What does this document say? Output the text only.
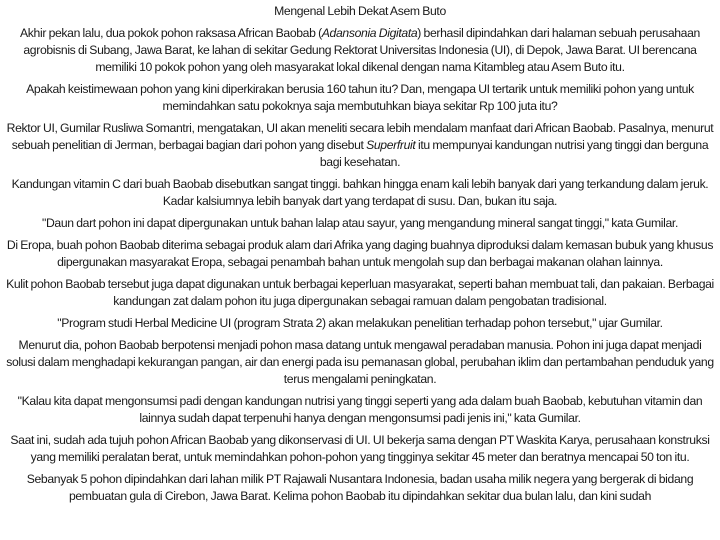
Mengenal Lebih Dekat Asem Buto

Akhir pekan lalu, dua pokok pohon raksasa African Baobab (Adansonia Digitata) berhasil dipindahkan dari halaman sebuah perusahaan agrobisnis di Subang, Jawa Barat, ke lahan di sekitar Gedung Rektorat Universitas Indonesia (UI), di Depok, Jawa Barat. UI berencana memiliki 10 pokok pohon yang oleh masyarakat lokal dikenal dengan nama Kitambleg atau Asem Buto itu.

Apakah keistimewaan pohon yang kini diperkirakan berusia 160 tahun itu? Dan, mengapa UI tertarik untuk memiliki pohon yang untuk memindahkan satu pokoknya saja membutuhkan biaya sekitar Rp 100 juta itu?

Rektor UI, Gumilar Rusliwa Somantri, mengatakan, UI akan meneliti secara lebih mendalam manfaat dari African Baobab. Pasalnya, menurut sebuah penelitian di Jerman, berbagai bagian dari pohon yang disebut Superfruit itu mempunyai kandungan nutrisi yang tinggi dan berguna bagi kesehatan.

Kandungan vitamin C dari buah Baobab disebutkan sangat tinggi. bahkan hingga enam kali lebih banyak dari yang terkandung dalam jeruk. Kadar kalsiumnya lebih banyak dart yang terdapat di susu. Dan, bukan itu saja.

"Daun dart pohon ini dapat dipergunakan untuk bahan lalap atau sayur, yang mengandung mineral sangat tinggi," kata Gumilar.

Di Eropa, buah pohon Baobab diterima sebagai produk alam dari Afrika yang daging buahnya diproduksi dalam kemasan bubuk yang khusus dipergunakan masyarakat Eropa, sebagai penambah bahan untuk mengolah sup dan berbagai makanan olahan lainnya.

Kulit pohon Baobab tersebut juga dapat digunakan untuk berbagai keperluan masyarakat, seperti bahan membuat tali, dan pakaian. Berbagai kandungan zat dalam pohon itu juga dipergunakan sebagai ramuan dalam pengobatan tradisional.

"Program studi Herbal Medicine UI (program Strata 2) akan melakukan penelitian terhadap pohon tersebut," ujar Gumilar.

Menurut dia, pohon Baobab berpotensi menjadi pohon masa datang untuk mengawal peradaban manusia. Pohon ini juga dapat menjadi solusi dalam menghadapi kekurangan pangan, air dan energi pada isu pemanasan global, perubahan iklim dan pertambahan penduduk yang terus mengalami peningkatan.

"Kalau kita dapat mengonsumsi padi dengan kandungan nutrisi yang tinggi seperti yang ada dalam buah Baobab, kebutuhan vitamin dan lainnya sudah dapat terpenuhi hanya dengan mengonsumsi padi jenis ini," kata Gumilar.

Saat ini, sudah ada tujuh pohon African Baobab yang dikonservasi di UI. UI bekerja sama dengan PT Waskita Karya, perusahaan konstruksi yang memiliki peralatan berat, untuk memindahkan pohon-pohon yang tingginya sekitar 45 meter dan beratnya mencapai 50 ton itu.

Sebanyak 5 pohon dipindahkan dari lahan milik PT Rajawali Nusantara Indonesia, badan usaha milik negera yang bergerak di bidang pembuatan gula di Cirebon, Jawa Barat. Kelima pohon Baobab itu dipindahkan sekitar dua bulan lalu, dan kini sudah
